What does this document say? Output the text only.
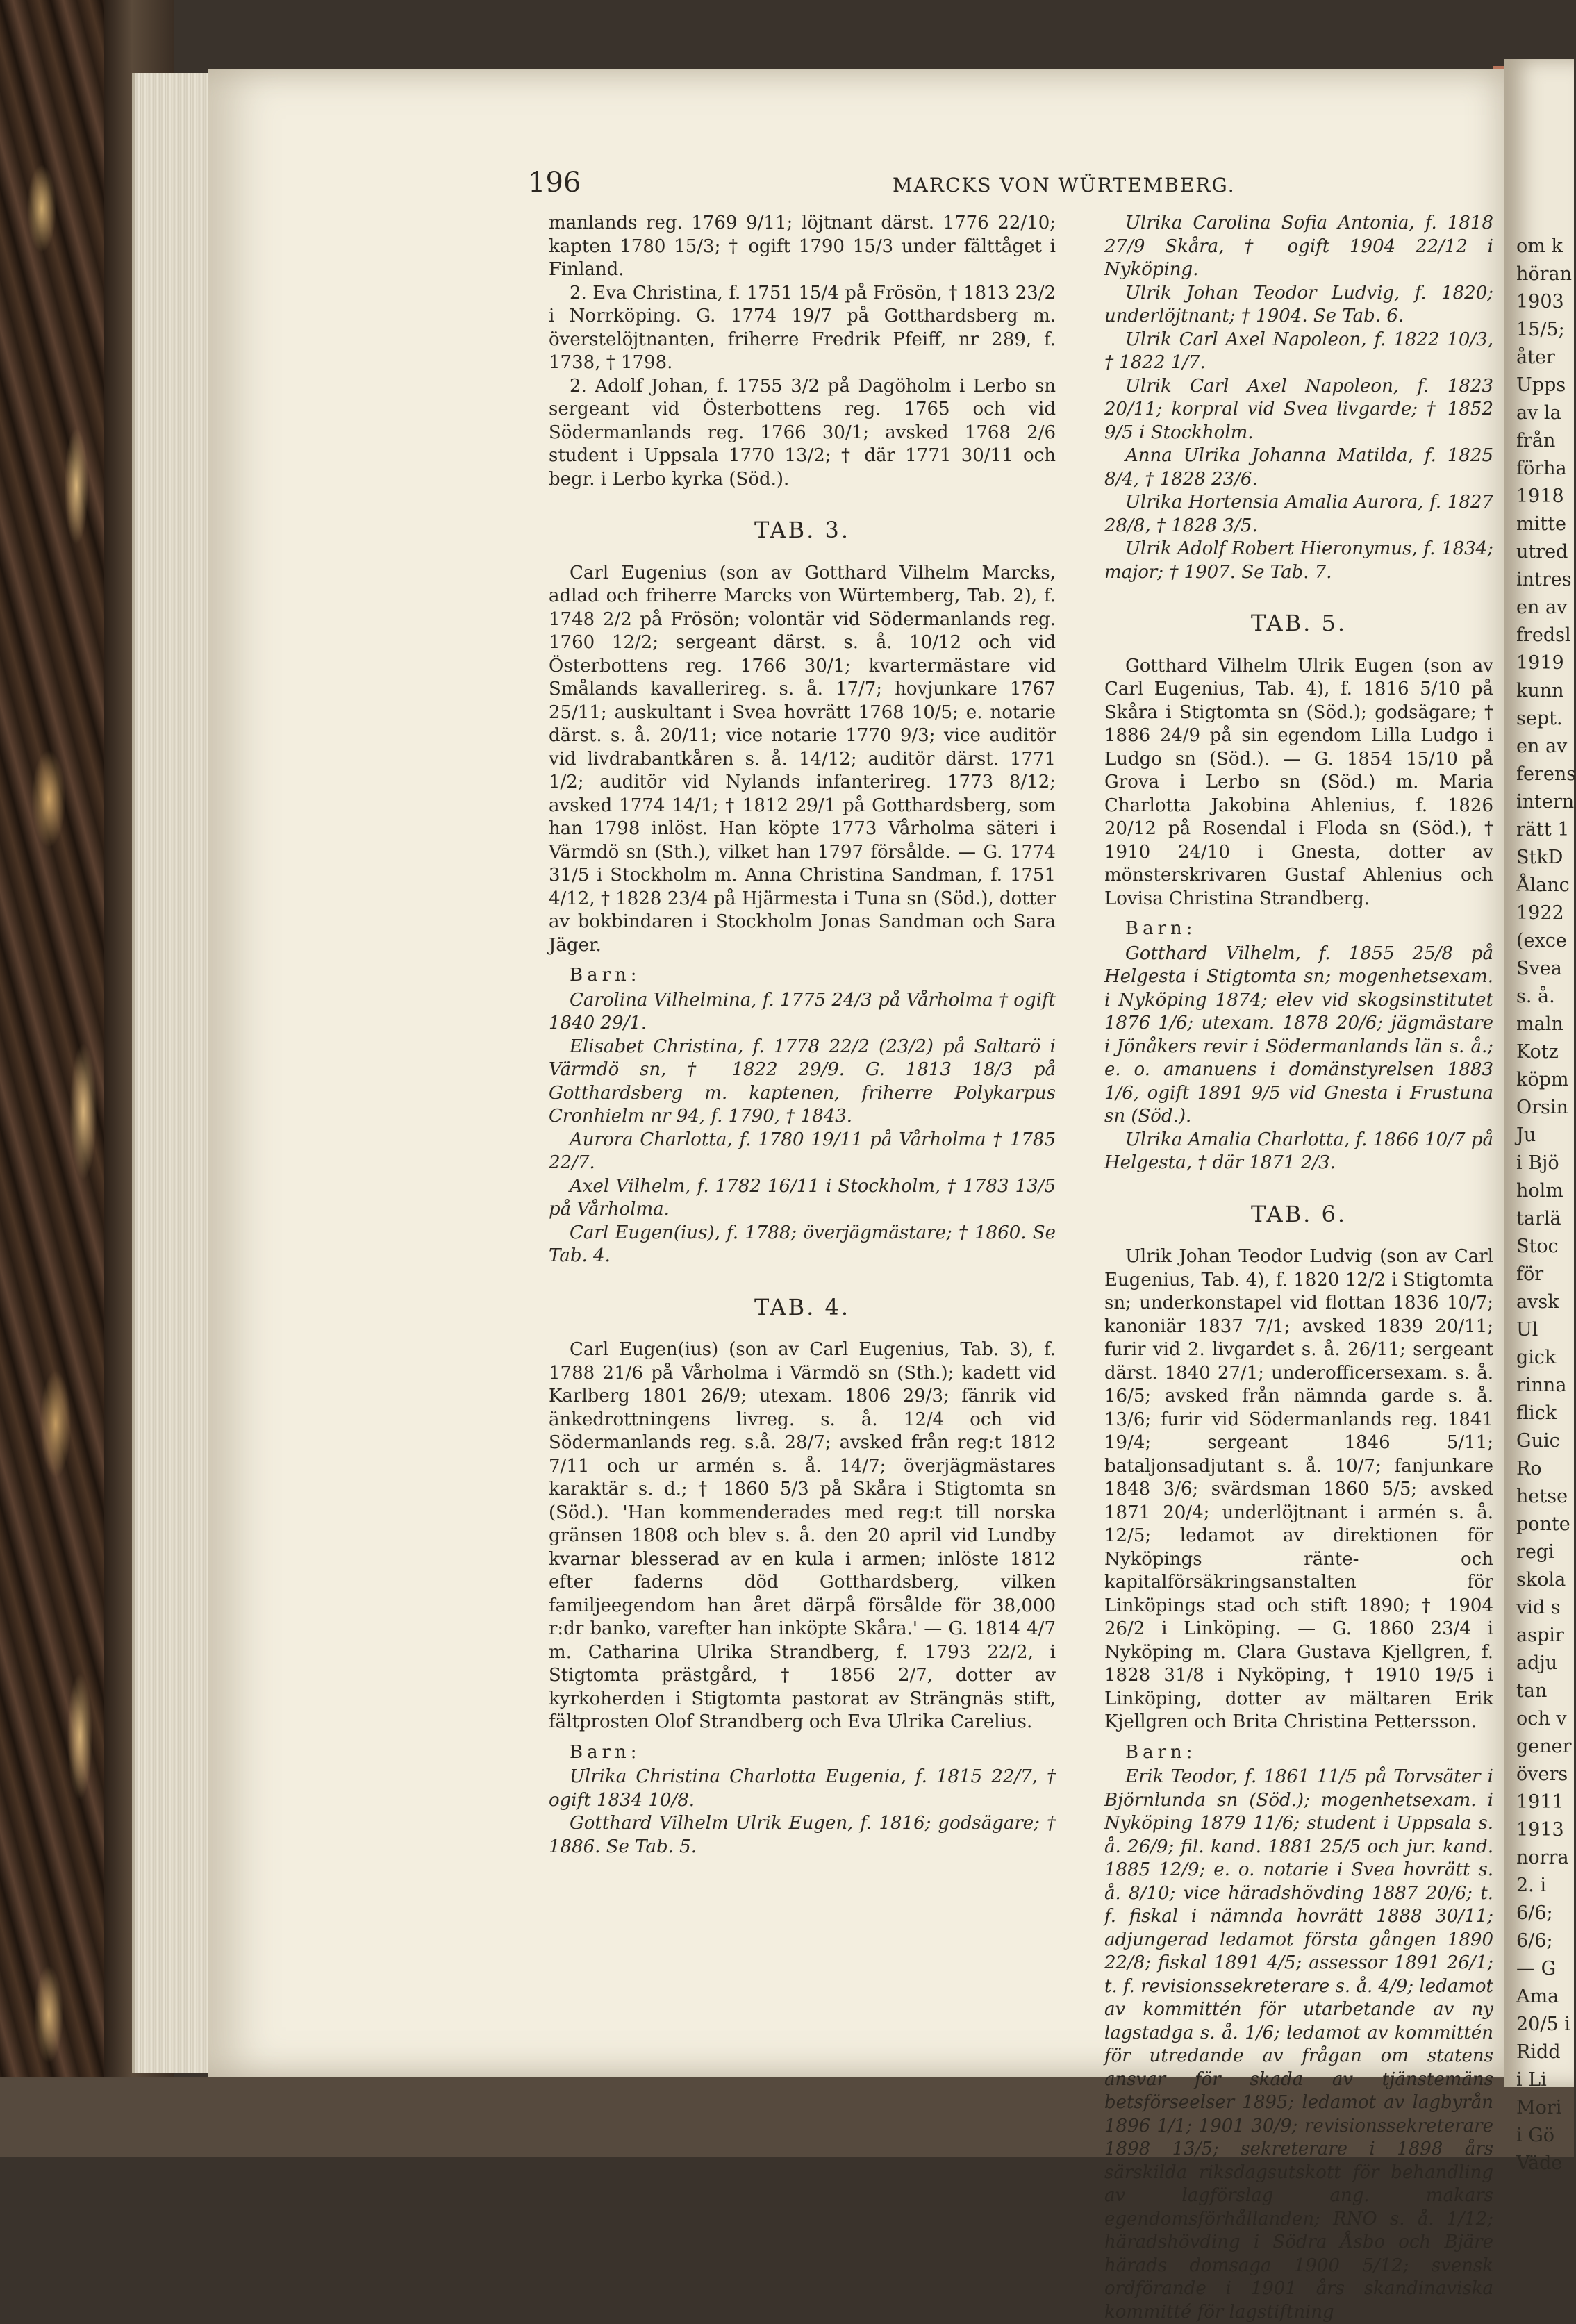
om k
höran
1903
15/5;
åter
Upps
av la
från
förha
1918
mitte
utred
intres
en av
fredsl
1919
kunn
sept.
en av
ferens
intern
rätt 1
StkD
Ålanc
1922
(exce
Svea
s. å.
maln
Kotz
köpm
Orsin
Ju
i Bjö
holm
tarlä
Stoc
för
avsk
Ul
gick
rinna
flick
Guic
Ro
hetse
ponte
regi
skola
vid s
aspir
adju
tan
och v
gener
övers
1911
1913
norra
2. i
6/6;
6/6;
— G
Ama
20/5 i
Ridd
i Li
Mori
i Gö
Väde
196	MARCKS VON WÜRTEMBERG.

manlands reg. 1769 9/11; löjtnant därst. 1776 22/10; kapten 1780 15/3; † ogift 1790 15/3 under fälttåget i Finland.

2. Eva Christina, f. 1751 15/4 på Frösön, † 1813 23/2 i Norrköping. G. 1774 19/7 på Gotthardsberg m. överstelöjtnanten, friherre Fredrik Pfeiff, nr 289, f. 1738, † 1798.

2. Adolf Johan, f. 1755 3/2 på Dagöholm i Lerbo sn sergeant vid Österbottens reg. 1765 och vid Södermanlands reg. 1766 30/1; avsked 1768 2/6 student i Uppsala 1770 13/2; † där 1771 30/11 och begr. i Lerbo kyrka (Söd.).

TAB. 3.

Carl Eugenius (son av Gotthard Vilhelm Marcks, adlad och friherre Marcks von Würtemberg, Tab. 2), f. 1748 2/2 på Frösön; volontär vid Södermanlands reg. 1760 12/2; sergeant därst. s. å. 10/12 och vid Österbottens reg. 1766 30/1; kvartermästare vid Smålands kavallerireg. s. å. 17/7; hovjunkare 1767 25/11; auskultant i Svea hovrätt 1768 10/5; e. notarie därst. s. å. 20/11; vice notarie 1770 9/3; vice auditör vid livdrabantkåren s. å. 14/12; auditör därst. 1771 1/2; auditör vid Nylands infanterireg. 1773 8/12; avsked 1774 14/1; † 1812 29/1 på Gotthardsberg, som han 1798 inlöst. Han köpte 1773 Vårholma säteri i Värmdö sn (Sth.), vilket han 1797 försålde. — G. 1774 31/5 i Stockholm m. Anna Christina Sandman, f. 1751 4/12, † 1828 23/4 på Hjärmesta i Tuna sn (Söd.), dotter av bokbindaren i Stockholm Jonas Sandman och Sara Jäger.

Barn:

Carolina Vilhelmina, f. 1775 24/3 på Vårholma † ogift 1840 29/1.

Elisabet Christina, f. 1778 22/2 (23/2) på Saltarö i Värmdö sn, † 1822 29/9. G. 1813 18/3 på Gotthardsberg m. kaptenen, friherre Polykarpus Cronhielm nr 94, f. 1790, † 1843.

Aurora Charlotta, f. 1780 19/11 på Vårholma † 1785 22/7.

Axel Vilhelm, f. 1782 16/11 i Stockholm, † 1783 13/5 på Vårholma.

Carl Eugen(ius), f. 1788; överjägmästare; † 1860. Se Tab. 4.

TAB. 4.

Carl Eugen(ius) (son av Carl Eugenius, Tab. 3), f. 1788 21/6 på Vårholma i Värmdö sn (Sth.); kadett vid Karlberg 1801 26/9; utexam. 1806 29/3; fänrik vid änkedrottningens livreg. s. å. 12/4 och vid Södermanlands reg. s.å. 28/7; avsked från reg:t 1812 7/11 och ur armén s. å. 14/7; överjägmästares karaktär s. d.; † 1860 5/3 på Skåra i Stigtomta sn (Söd.). 'Han kommenderades med reg:t till norska gränsen 1808 och blev s. å. den 20 april vid Lundby kvarnar blesserad av en kula i armen; inlöste 1812 efter faderns död Gotthardsberg, vilken familjeegendom han året därpå försålde för 38,000 r:dr banko, varefter han inköpte Skåra.' — G. 1814 4/7 m. Catharina Ulrika Strandberg, f. 1793 22/2, i Stigtomta prästgård, † 1856 2/7, dotter av kyrkoherden i Stigtomta pastorat av Strängnäs stift, fältprosten Olof Strandberg och Eva Ulrika Carelius.

Barn:

Ulrika Christina Charlotta Eugenia, f. 1815 22/7, † ogift 1834 10/8.

Gotthard Vilhelm Ulrik Eugen, f. 1816; godsägare; † 1886. Se Tab. 5.

Ulrika Carolina Sofia Antonia, f. 1818 27/9 Skåra, † ogift 1904 22/12 i Nyköping.

Ulrik Johan Teodor Ludvig, f. 1820; underlöjtnant; † 1904. Se Tab. 6.

Ulrik Carl Axel Napoleon, f. 1822 10/3, † 1822 1/7.

Ulrik Carl Axel Napoleon, f. 1823 20/11; korpral vid Svea livgarde; † 1852 9/5 i Stockholm.

Anna Ulrika Johanna Matilda, f. 1825 8/4, † 1828 23/6.

Ulrika Hortensia Amalia Aurora, f. 1827 28/8, † 1828 3/5.

Ulrik Adolf Robert Hieronymus, f. 1834; major; † 1907. Se Tab. 7.

TAB. 5.

Gotthard Vilhelm Ulrik Eugen (son av Carl Eugenius, Tab. 4), f. 1816 5/10 på Skåra i Stigtomta sn (Söd.); godsägare; † 1886 24/9 på sin egendom Lilla Ludgo i Ludgo sn (Söd.). — G. 1854 15/10 på Grova i Lerbo sn (Söd.) m. Maria Charlotta Jakobina Ahlenius, f. 1826 20/12 på Rosendal i Floda sn (Söd.), † 1910 24/10 i Gnesta, dotter av mönsterskrivaren Gustaf Ahlenius och Lovisa Christina Strandberg.

Barn:

Gotthard Vilhelm, f. 1855 25/8 på Helgesta i Stigtomta sn; mogenhetsexam. i Nyköping 1874; elev vid skogsinstitutet 1876 1/6; utexam. 1878 20/6; jägmästare i Jönåkers revir i Södermanlands län s. å.; e. o. amanuens i domänstyrelsen 1883 1/6, ogift 1891 9/5 vid Gnesta i Frustuna sn (Söd.).

Ulrika Amalia Charlotta, f. 1866 10/7 på Helgesta, † där 1871 2/3.

TAB. 6.

Ulrik Johan Teodor Ludvig (son av Carl Eugenius, Tab. 4), f. 1820 12/2 i Stigtomta sn; underkonstapel vid flottan 1836 10/7; kanoniär 1837 7/1; avsked 1839 20/11; furir vid 2. livgardet s. å. 26/11; sergeant därst. 1840 27/1; underofficersexam. s. å. 16/5; avsked från nämnda garde s. å. 13/6; furir vid Södermanlands reg. 1841 19/4; sergeant 1846 5/11; bataljonsadjutant s. å. 10/7; fanjunkare 1848 3/6; svärdsman 1860 5/5; avsked 1871 20/4; underlöjtnant i armén s. å. 12/5; ledamot av direktionen för Nyköpings ränte- och kapitalförsäkringsanstalten för Linköpings stad och stift 1890; † 1904 26/2 i Linköping. — G. 1860 23/4 i Nyköping m. Clara Gustava Kjellgren, f. 1828 31/8 i Nyköping, † 1910 19/5 i Linköping, dotter av mältaren Erik Kjellgren och Brita Christina Pettersson.

Barn:

Erik Teodor, f. 1861 11/5 på Torvsäter i Björnlunda sn (Söd.); mogenhetsexam. i Nyköping 1879 11/6; student i Uppsala s. å. 26/9; fil. kand. 1881 25/5 och jur. kand. 1885 12/9; e. o. notarie i Svea hovrätt s. å. 8/10; vice häradshövding 1887 20/6; t. f. fiskal i nämnda hovrätt 1888 30/11; adjungerad ledamot första gången 1890 22/8; fiskal 1891 4/5; assessor 1891 26/1; t. f. revisionssekreterare s. å. 4/9; ledamot av kommittén för utarbetande av ny lagstadga s. å. 1/6; ledamot av kommittén för utredande av frågan om statens ansvar för skada av tjänstemäns betsförseelser 1895; ledamot av lagbyrån 1896 1/1; 1901 30/9; revisionssekreterare 1898 13/5; sekreterare i 1898 års särskilda riksdagsutskott för behandling av lagförslag ang. makars egendomsförhållanden; RNO s. å. 1/12; häradshövding i Södra Åsbo och Bjäre härads domsaga 1900 5/12; svensk ordförande i 1901 års skandinaviska kommitté för lagstiftning
